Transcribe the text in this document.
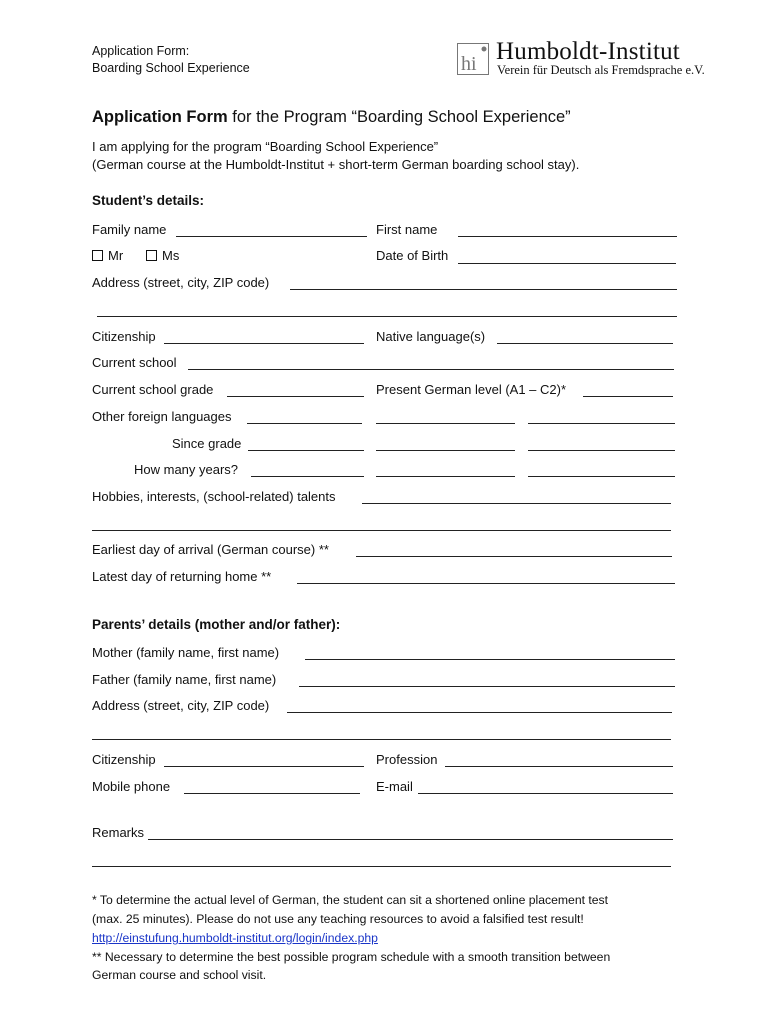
Application Form:
Boarding School Experience	hi Humboldt-Institut
Verein für Deutsch als Fremdsprache e.V.
Application Form for the Program “Boarding School Experience”
I am applying for the program “Boarding School Experience”
(German course at the Humboldt-Institut + short-term German boarding school stay).
Student’s details:
Family name	First name
Mr	Ms	Date of Birth
Address (street, city, ZIP code)
Citizenship	Native language(s)
Current school
Current school grade	Present German level (A1 – C2)*
Other foreign languages
Since grade
How many years?
Hobbies, interests, (school-related) talents
Earliest day of arrival (German course) **
Latest day of returning home **
Parents’ details (mother and/or father):
Mother (family name, first name)
Father (family name, first name)
Address (street, city, ZIP code)
Citizenship	Profession
Mobile phone	E-mail
Remarks
* To determine the actual level of German, the student can sit a shortened online placement test
(max. 25 minutes). Please do not use any teaching resources to avoid a falsified test result!
http://einstufung.humboldt-institut.org/login/index.php
** Necessary to determine the best possible program schedule with a smooth transition between
German course and school visit.
